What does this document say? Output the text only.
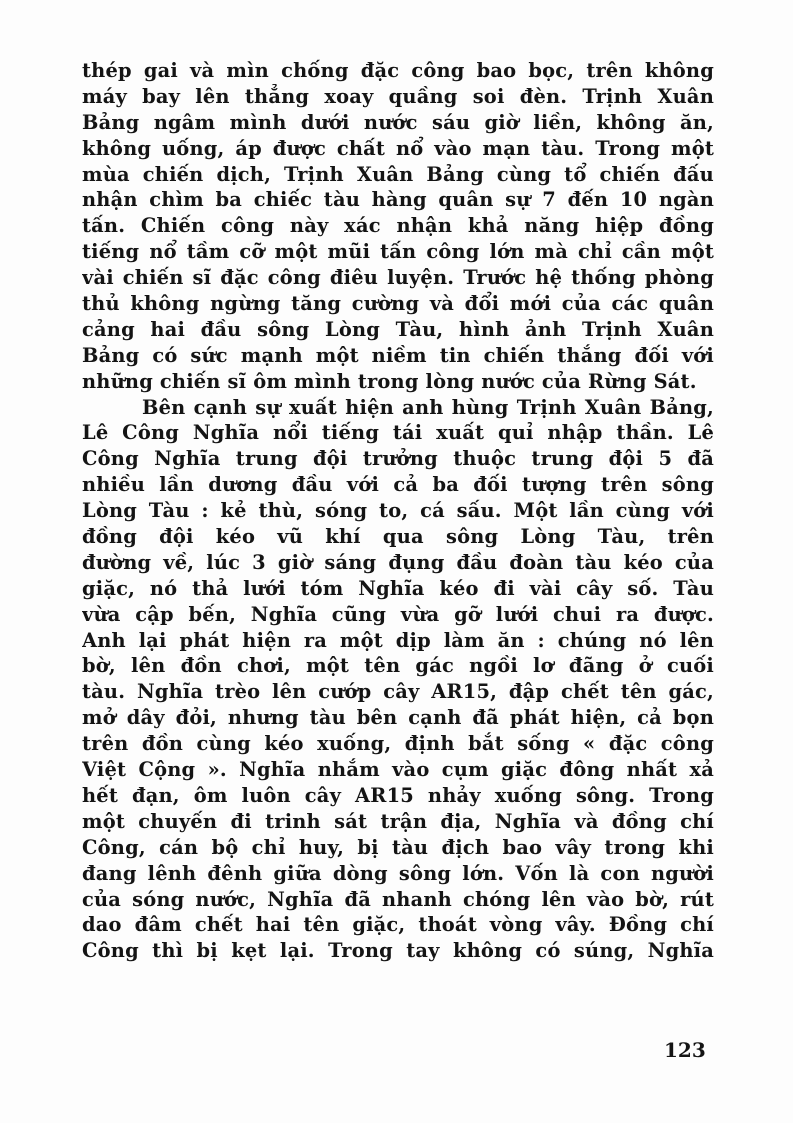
thép gai và mìn chống đặc công bao bọc, trên không
máy bay lên thẳng xoay quầng soi đèn. Trịnh Xuân
Bảng ngâm mình dưới nước sáu giờ liền, không ăn,
không uống, áp được chất nổ vào mạn tàu. Trong một
mùa chiến dịch, Trịnh Xuân Bảng cùng tổ chiến đấu
nhận chìm ba chiếc tàu hàng quân sự 7 đến 10 ngàn
tấn. Chiến công này xác nhận khả năng hiệp đồng
tiếng nổ tầm cỡ một mũi tấn công lớn mà chỉ cần một
vài chiến sĩ đặc công điêu luyện. Trước hệ thống phòng
thủ không ngừng tăng cường và đổi mới của các quân
cảng hai đầu sông Lòng Tàu, hình ảnh Trịnh Xuân
Bảng có sức mạnh một niềm tin chiến thắng đối với
những chiến sĩ ôm mình trong lòng nước của Rừng Sát.
Bên cạnh sự xuất hiện anh hùng Trịnh Xuân Bảng,
Lê Công Nghĩa nổi tiếng tái xuất quỉ nhập thần. Lê
Công Nghĩa trung đội trưởng thuộc trung đội 5 đã
nhiều lần dương đầu với cả ba đối tượng trên sông
Lòng Tàu : kẻ thù, sóng to, cá sấu. Một lần cùng với
đồng đội kéo vũ khí qua sông Lòng Tàu, trên
đường về, lúc 3 giờ sáng đụng đầu đoàn tàu kéo của
giặc, nó thả lưới tóm Nghĩa kéo đi vài cây số. Tàu
vừa cập bến, Nghĩa cũng vừa gỡ lưới chui ra được.
Anh lại phát hiện ra một dịp làm ăn : chúng nó lên
bờ, lên đồn chơi, một tên gác ngồi lơ đãng ở cuối
tàu. Nghĩa trèo lên cướp cây AR15, đập chết tên gác,
mở dây đỏi, nhưng tàu bên cạnh đã phát hiện, cả bọn
trên đồn cùng kéo xuống, định bắt sống « đặc công
Việt Cộng ». Nghĩa nhắm vào cụm giặc đông nhất xả
hết đạn, ôm luôn cây AR15 nhảy xuống sông. Trong
một chuyến đi trinh sát trận địa, Nghĩa và đồng chí
Công, cán bộ chỉ huy, bị tàu địch bao vây trong khi
đang lênh đênh giữa dòng sông lớn. Vốn là con người
của sóng nước, Nghĩa đã nhanh chóng lên vào bờ, rút
dao đâm chết hai tên giặc, thoát vòng vây. Đồng chí
Công thì bị kẹt lại. Trong tay không có súng, Nghĩa
123
